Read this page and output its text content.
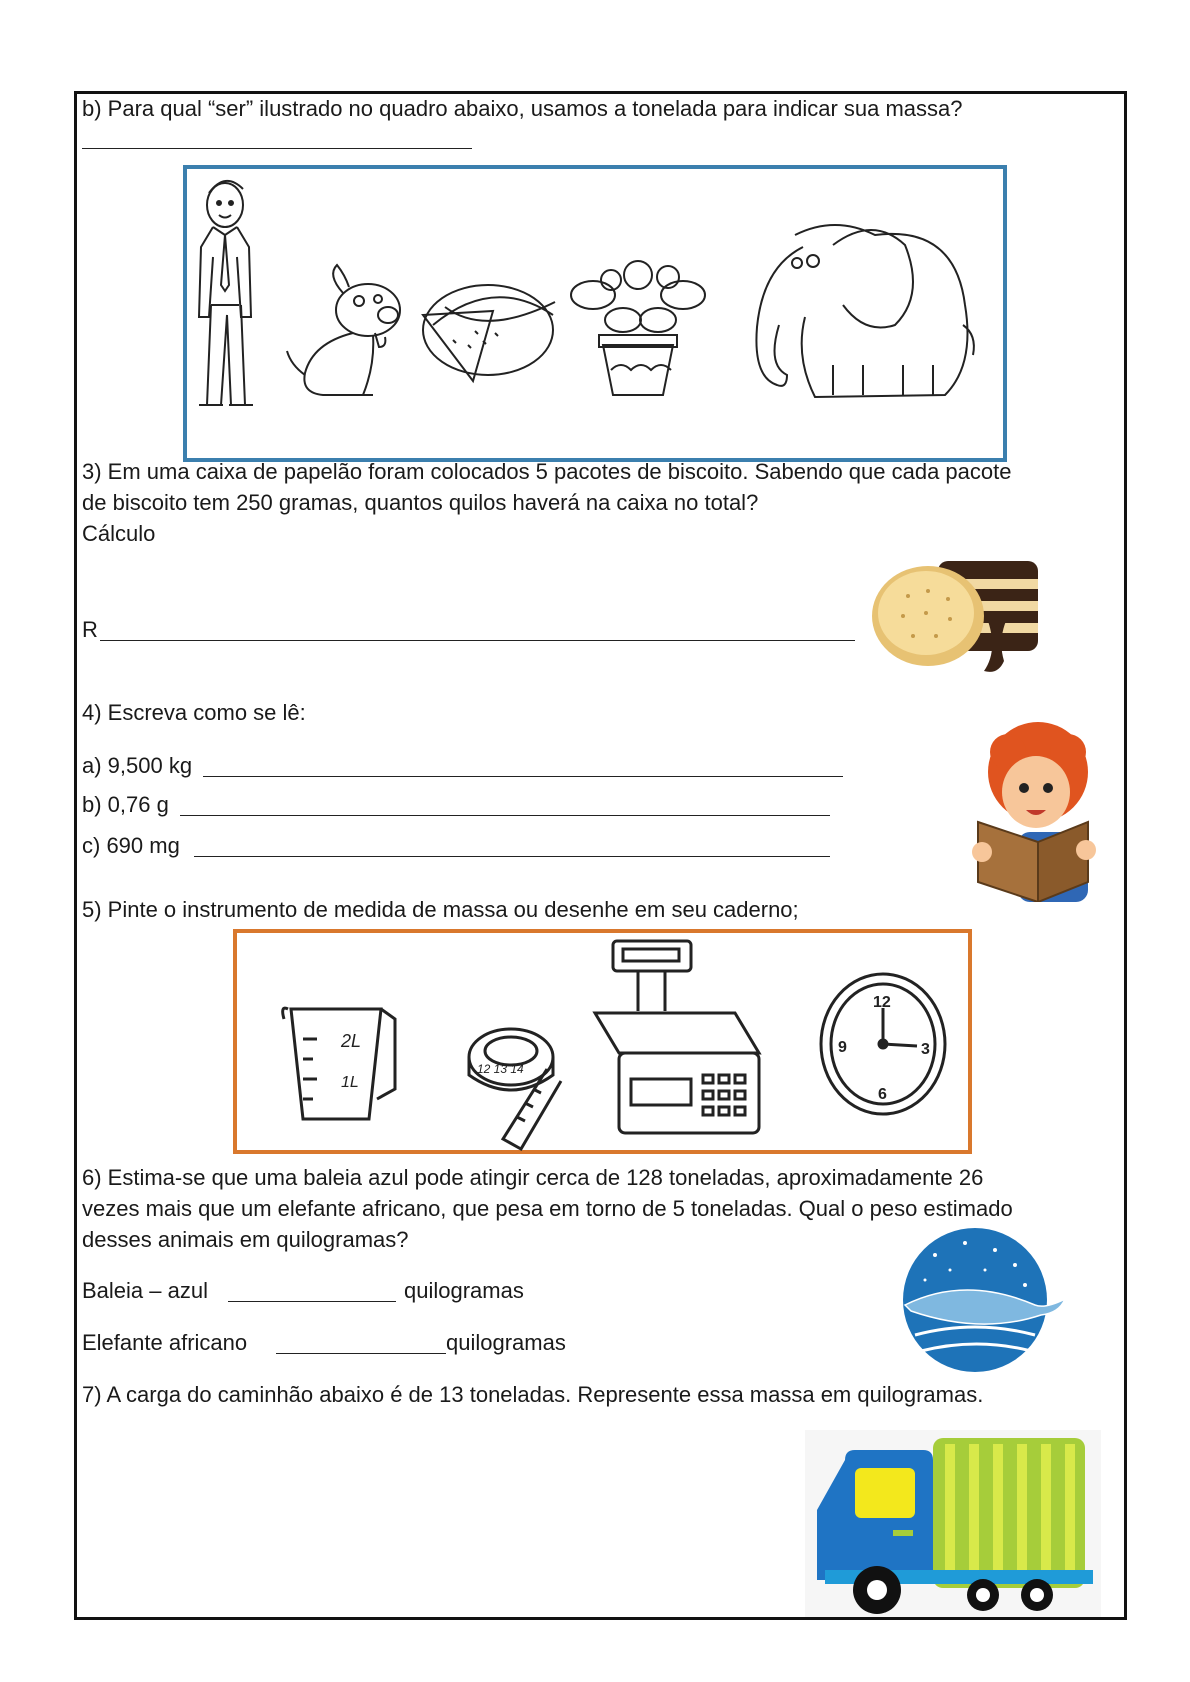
b) Para qual “ser” ilustrado no quadro abaixo, usamos a tonelada para indicar sua massa?
3) Em uma caixa de papelão foram colocados 5 pacotes de biscoito. Sabendo que cada pacote
de biscoito tem 250 gramas, quantos quilos haverá na caixa no total?
Cálculo
R
4) Escreva como se lê:
a) 9,500 kg
b) 0,76 g
c) 690 mg
5) Pinte o instrumento de medida de massa ou desenhe em seu caderno;
2L
1L
12 13 14
12
3
6
9
6) Estima-se que uma baleia azul pode atingir cerca de 128 toneladas, aproximadamente 26
vezes mais que um elefante africano, que pesa em torno de 5 toneladas. Qual o peso estimado
desses animais em quilogramas?
Baleia – azul	quilogramas
Elefante africano	quilogramas
7) A carga do caminhão abaixo é de 13 toneladas. Represente essa massa em quilogramas.
